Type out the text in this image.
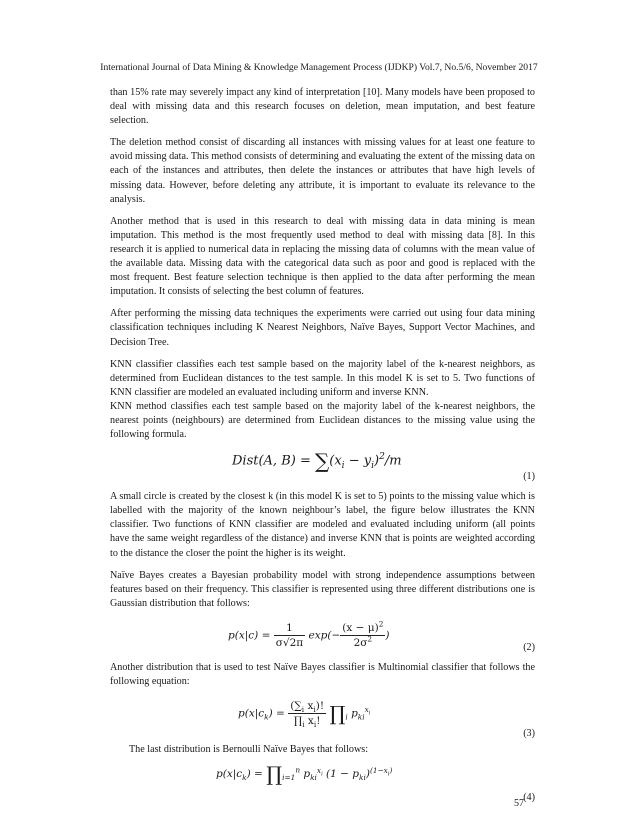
International Journal of Data Mining & Knowledge Management Process (IJDKP) Vol.7, No.5/6, November 2017

than 15% rate may severely impact any kind of interpretation [10]. Many models have been proposed to deal with missing data and this research focuses on deletion, mean imputation, and best feature selection.

The deletion method consist of discarding all instances with missing values for at least one feature to avoid missing data. This method consists of determining and evaluating the extent of the missing data on each of the instances and attributes, then delete the instances or attributes that have high levels of missing data. However, before deleting any attribute, it is important to evaluate its relevance to the analysis.

Another method that is used in this research to deal with missing data in data mining is mean imputation. This method is the most frequently used method to deal with missing data [8]. In this research it is applied to numerical data in replacing the missing data of columns with the mean value of the available data. Missing data with the categorical data such as poor and good is replaced with the most frequent. Best feature selection technique is then applied to the data after performing the mean imputation. It consists of selecting the best column of features.

After performing the missing data techniques the experiments were carried out using four data mining classification techniques including K Nearest Neighbors, Naïve Bayes, Support Vector Machines, and Decision Tree.

KNN classifier classifies each test sample based on the majority label of the k-nearest neighbors, as determined from Euclidean distances to the test sample. In this model K is set to 5. Two functions of KNN classifier are modeled an evaluated including uniform and inverse KNN.

KNN method classifies each test sample based on the majority label of the k-nearest neighbors, the nearest points (neighbours) are determined from Euclidean distances to the missing value using the following formula.

Dist(A, $B) = \sum(x_i - y_i)^2/m$
(1)

A small circle is created by the closest k (in this model K is set to 5) points to the missing value which is labelled with the majority of the known neighbour’s label, the figure below illustrates the KNN classifier. Two functions of KNN classifier are modeled and evaluated including uniform (all points have the same weight regardless of the distance) and inverse KNN that is points are weighted according to the distance the closer the point the higher is its weight.

Naïve Bayes creates a Bayesian probability model with strong independence assumptions between features based on their frequency. This classifier is represented using three different distributions one is Gaussian distribution that follows:

$p(x|c) = \frac{1}{\sigma√2\pi} \exp(- \frac{(x - \mu)^2}{2\sigma^2}$ )
(2)

Another distribution that is used to test Naïve Bayes classifier is Multinomial classifier that follows the following equation:

$p(x|c_k) = \frac{(\sum_i x_i)!}{\prod_i x_i!}$ $\prod_i$ $p_{ki}^{x_i}$
(3)

The last distribution is Bernoulli Naïve Bayes that follows:

$p(x|c_k)$ = $\prod_{i=1}^n$ $p_{ki}^{x_i}$ $(1 - p_{ki})^{(1-x_i)}$
(4)
57
